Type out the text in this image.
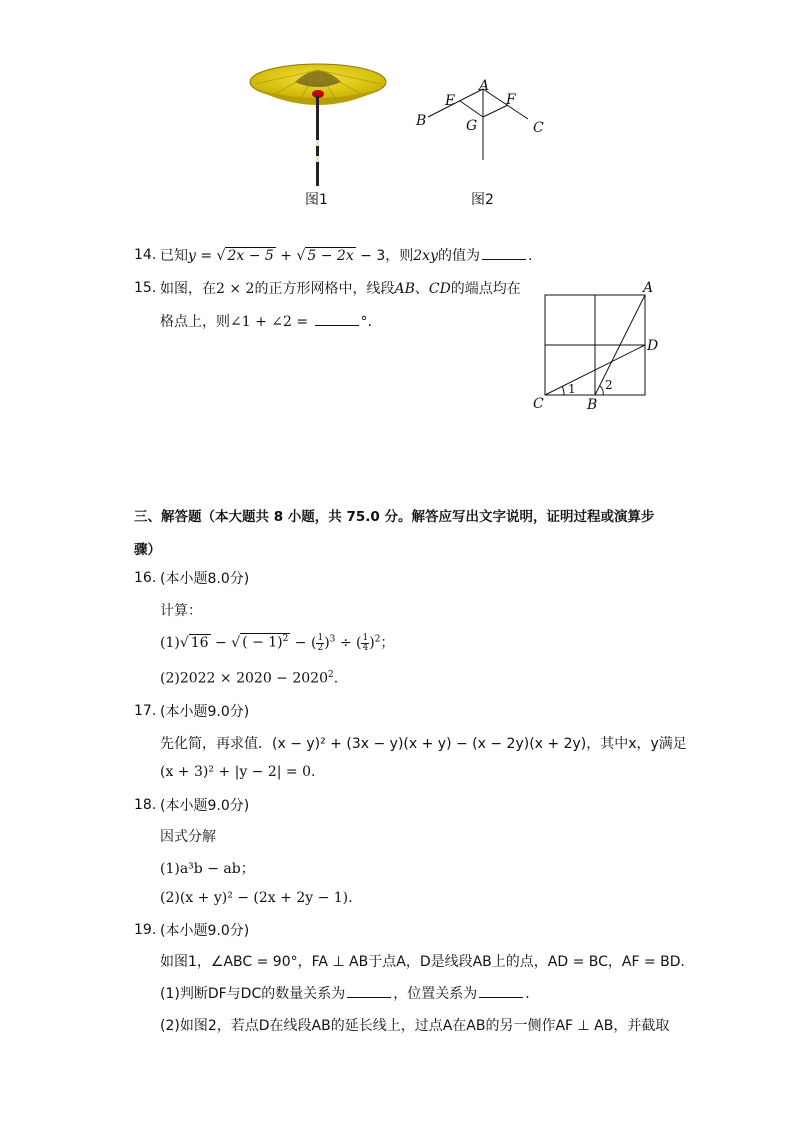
图1
A
E	F
B	G	C
图2
14. 已知y = √ 2x − 5 + √ 5 − 2x − 3，则2xy的值为	.
15. 如图，在2 × 2的正方形网格中，线段AB、CD的端点均在
格点上，则∠1 + ∠2 =	°.
A
D
C	B
1 2
三、解答题（本大题共 8 小题，共 75.0 分。解答应写出文字说明，证明过程或演算步
骤）
16. (本小题8.0分)
计算：
(1)√ 16 − √ ( − 1)$^2$ − ( $\frac{1}{2} )^3$ ÷ ( $\frac{1}{4} )^2$；
$(2)2022 \times 2020 - 2020^2$.
17. (本小题9.0分)
先化简，再求值．(x − y)² + (3x − y)(x + y) − (x − 2y)(x + 2y)，其中x，y满足
(x + 3)² + |y − 2| = 0.
18. (本小题9.0分)
因式分解
(1)a³b − ab；
(2)(x + y)² − (2x + 2y − 1).
19. (本小题9.0分)
如图1，∠ABC = 90°，FA ⊥ AB于点A，D是线段AB上的点，AD = BC，AF = BD.
(1)判断DF与DC的数量关系为	，位置关系为	.
(2)如图2，若点D在线段AB的延长线上，过点A在AB的另一侧作AF ⊥ AB，并截取
